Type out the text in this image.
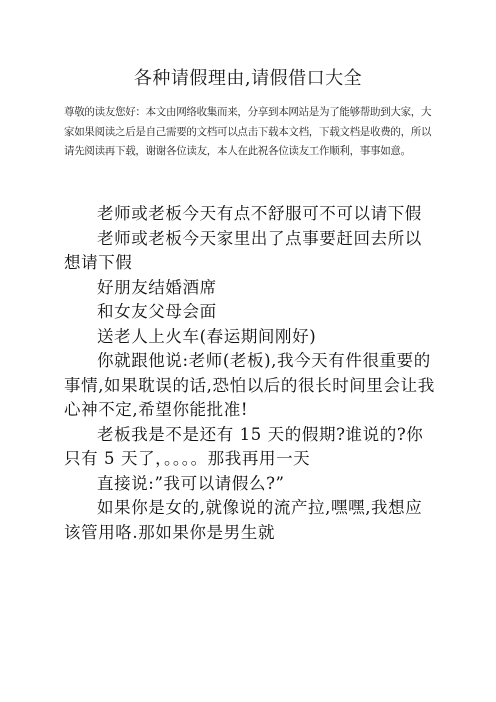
各种请假理由,请假借口大全

尊敬的读友您好：本文由网络收集而来，分享到本网站是为了能够帮助到大家，大家如果阅读之后是自己需要的文档可以点击下载本文档，下载文档是收费的，所以请先阅读再下载，谢谢各位读友，本人在此祝各位读友工作顺利，事事如意。

老师或老板今天有点不舒服可不可以请下假

老师或老板今天家里出了点事要赶回去所以想请下假

好朋友结婚酒席

和女友父母会面

送老人上火车(春运期间刚好)

你就跟他说:老师(老板),我今天有件很重要的事情,如果耽误的话,恐怕以后的很长时间里会让我心神不定,希望你能批准!

老板我是不是还有 15 天的假期?谁说的?你只有 5 天了，。。。。那我再用一天

直接说:”我可以请假么?”

如果你是女的,就像说的流产拉,嘿嘿,我想应该管用咯.那如果你是男生就
